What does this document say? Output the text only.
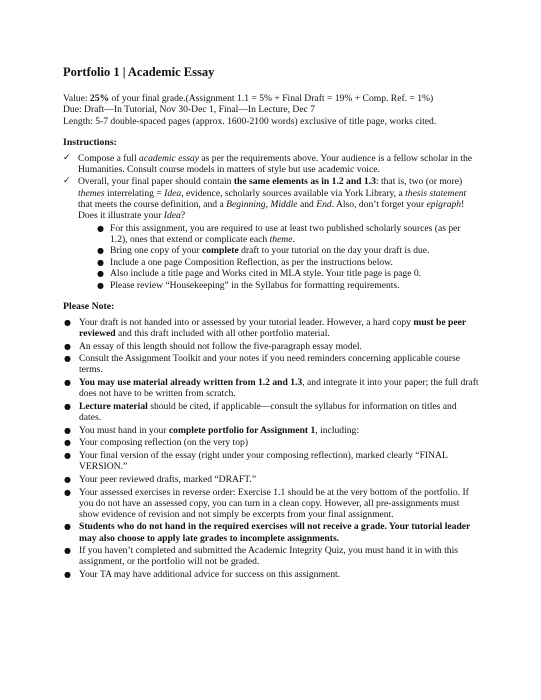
Portfolio 1 | Academic Essay

Value: 25% of your final grade.(Assignment 1.1 = 5% + Final Draft = 19% + Comp. Ref. = 1%)

Due: Draft—In Tutorial, Nov 30-Dec 1, Final—In Lecture, Dec 7

Length: 5-7 double-spaced pages (approx. 1600-2100 words) exclusive of title page, works cited.

Instructions:
✓ Compose a full academic essay as per the requirements above. Your audience is a fellow scholar in the Humanities. Consult course models in matters of style but use academic voice.
✓ Overall, your final paper should contain the same elements as in 1.2 and 1.3: that is, two (or more) themes interrelating = Idea, evidence, scholarly sources available via York Library, a thesis statement that meets the course definition, and a Beginning, Middle and End. Also, don’t forget your epigraph! Does it illustrate your Idea?
● For this assignment, you are required to use at least two published scholarly sources (as per 1.2), ones that extend or complicate each theme.
● Bring one copy of your complete draft to your tutorial on the day your draft is due.
● Include a one page Composition Reflection, as per the instructions below.
● Also include a title page and Works cited in MLA style. Your title page is page 0.
● Please review “Housekeeping” in the Syllabus for formatting requirements.
Please Note:
● Your draft is not handed into or assessed by your tutorial leader. However, a hard copy must be peer reviewed and this draft included with all other portfolio material.
● An essay of this length should not follow the five-paragraph essay model.
● Consult the Assignment Toolkit and your notes if you need reminders concerning applicable course terms.
● You may use material already written from 1.2 and 1.3, and integrate it into your paper; the full draft does not have to be written from scratch.
● Lecture material should be cited, if applicable—consult the syllabus for information on titles and dates.
● You must hand in your complete portfolio for Assignment 1, including:
● Your composing reflection (on the very top)
● Your final version of the essay (right under your composing reflection), marked clearly “FINAL VERSION.”
● Your peer reviewed drafts, marked “DRAFT.”
● Your assessed exercises in reverse order: Exercise 1.1 should be at the very bottom of the portfolio. If you do not have an assessed copy, you can turn in a clean copy. However, all pre-assignments must show evidence of revision and not simply be excerpts from your final assignment.
● Students who do not hand in the required exercises will not receive a grade. Your tutorial leader may also choose to apply late grades to incomplete assignments.
● If you haven’t completed and submitted the Academic Integrity Quiz, you must hand it in with this assignment, or the portfolio will not be graded.
● Your TA may have additional advice for success on this assignment.
